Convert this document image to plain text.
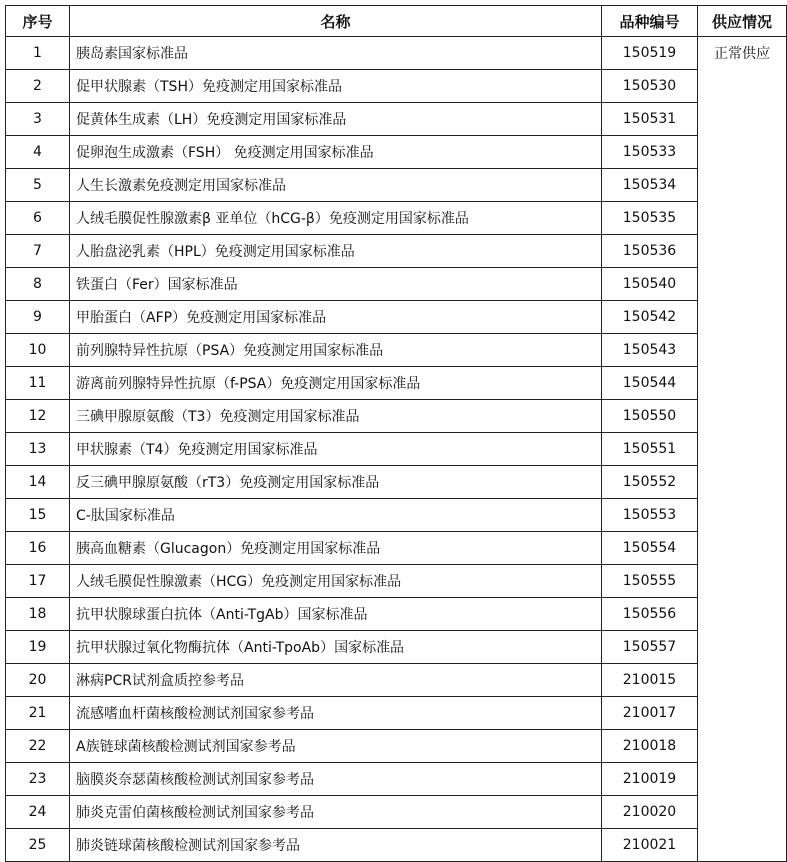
序号	名称	品种编号	供应情况
1	胰岛素国家标准品	150519	正常供应
2	促甲状腺素（TSH）免疫测定用国家标准品	150530	
3	促黄体生成素（LH）免疫测定用国家标准品	150531	
4	促卵泡生成激素（FSH） 免疫测定用国家标准品	150533	
5	人生长激素免疫测定用国家标准品	150534	
6	人绒毛膜促性腺激素β 亚单位（hCG-β）免疫测定用国家标准品	150535	
7	人胎盘泌乳素（HPL）免疫测定用国家标准品	150536	
8	铁蛋白（Fer）国家标准品	150540	
9	甲胎蛋白（AFP）免疫测定用国家标准品	150542	
10	前列腺特异性抗原（PSA）免疫测定用国家标准品	150543	
11	游离前列腺特异性抗原（f-PSA）免疫测定用国家标准品	150544	
12	三碘甲腺原氨酸（T3）免疫测定用国家标准品	150550	
13	甲状腺素（T4）免疫测定用国家标准品	150551	
14	反三碘甲腺原氨酸（rT3）免疫测定用国家标准品	150552	
15	C-肽国家标准品	150553	
16	胰高血糖素（Glucagon）免疫测定用国家标准品	150554	
17	人绒毛膜促性腺激素（HCG）免疫测定用国家标准品	150555	
18	抗甲状腺球蛋白抗体（Anti-TgAb）国家标准品	150556	
19	抗甲状腺过氧化物酶抗体（Anti-TpoAb）国家标准品	150557	
20	淋病PCR试剂盒质控参考品	210015	
21	流感嗜血杆菌核酸检测试剂国家参考品	210017	
22	A族链球菌核酸检测试剂国家参考品	210018	
23	脑膜炎奈瑟菌核酸检测试剂国家参考品	210019	
24	肺炎克雷伯菌核酸检测试剂国家参考品	210020	
25	肺炎链球菌核酸检测试剂国家参考品	210021	
